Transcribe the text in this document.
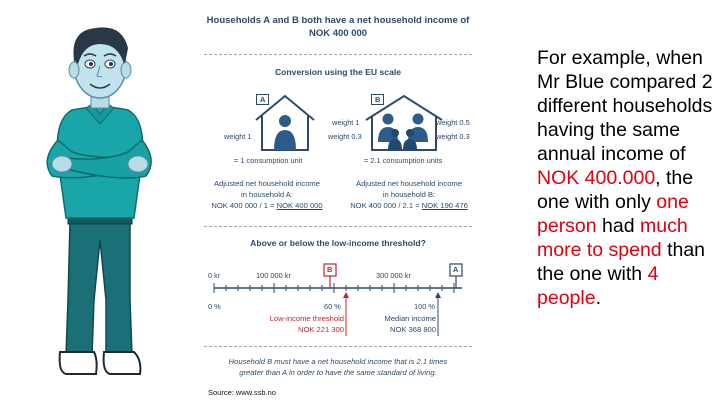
Households A and B both have a net household income of
NOK 400 000
Conversion using the EU scale
A
weight 1
B
weight 1
weight 0.3
weight 0.5
weight 0.3
= 1 consumption unit	= 2.1 consumption units
Adjusted net household income
in household A:
NOK 400 000 / 1 = NOK 400 000
Adjusted net household income
in household B:
NOK 400 000 / 2.1 = NOK 190 476
Above or below the low-income threshold?
0 kr	100 000 kr	300 000 kr
B	A
0 %	60 %	100 %
Low-income threshold
NOK 221 300
Median income
NOK 368 800
Household B must have a net household income that is 2.1 times greater than A in order to have the same standard of living.
Source: www.ssb.no
For example, when Mr Blue compared 2 different households having the same annual income of NOK 400.000, the one with only one person had much more to spend than the one with 4 people.
